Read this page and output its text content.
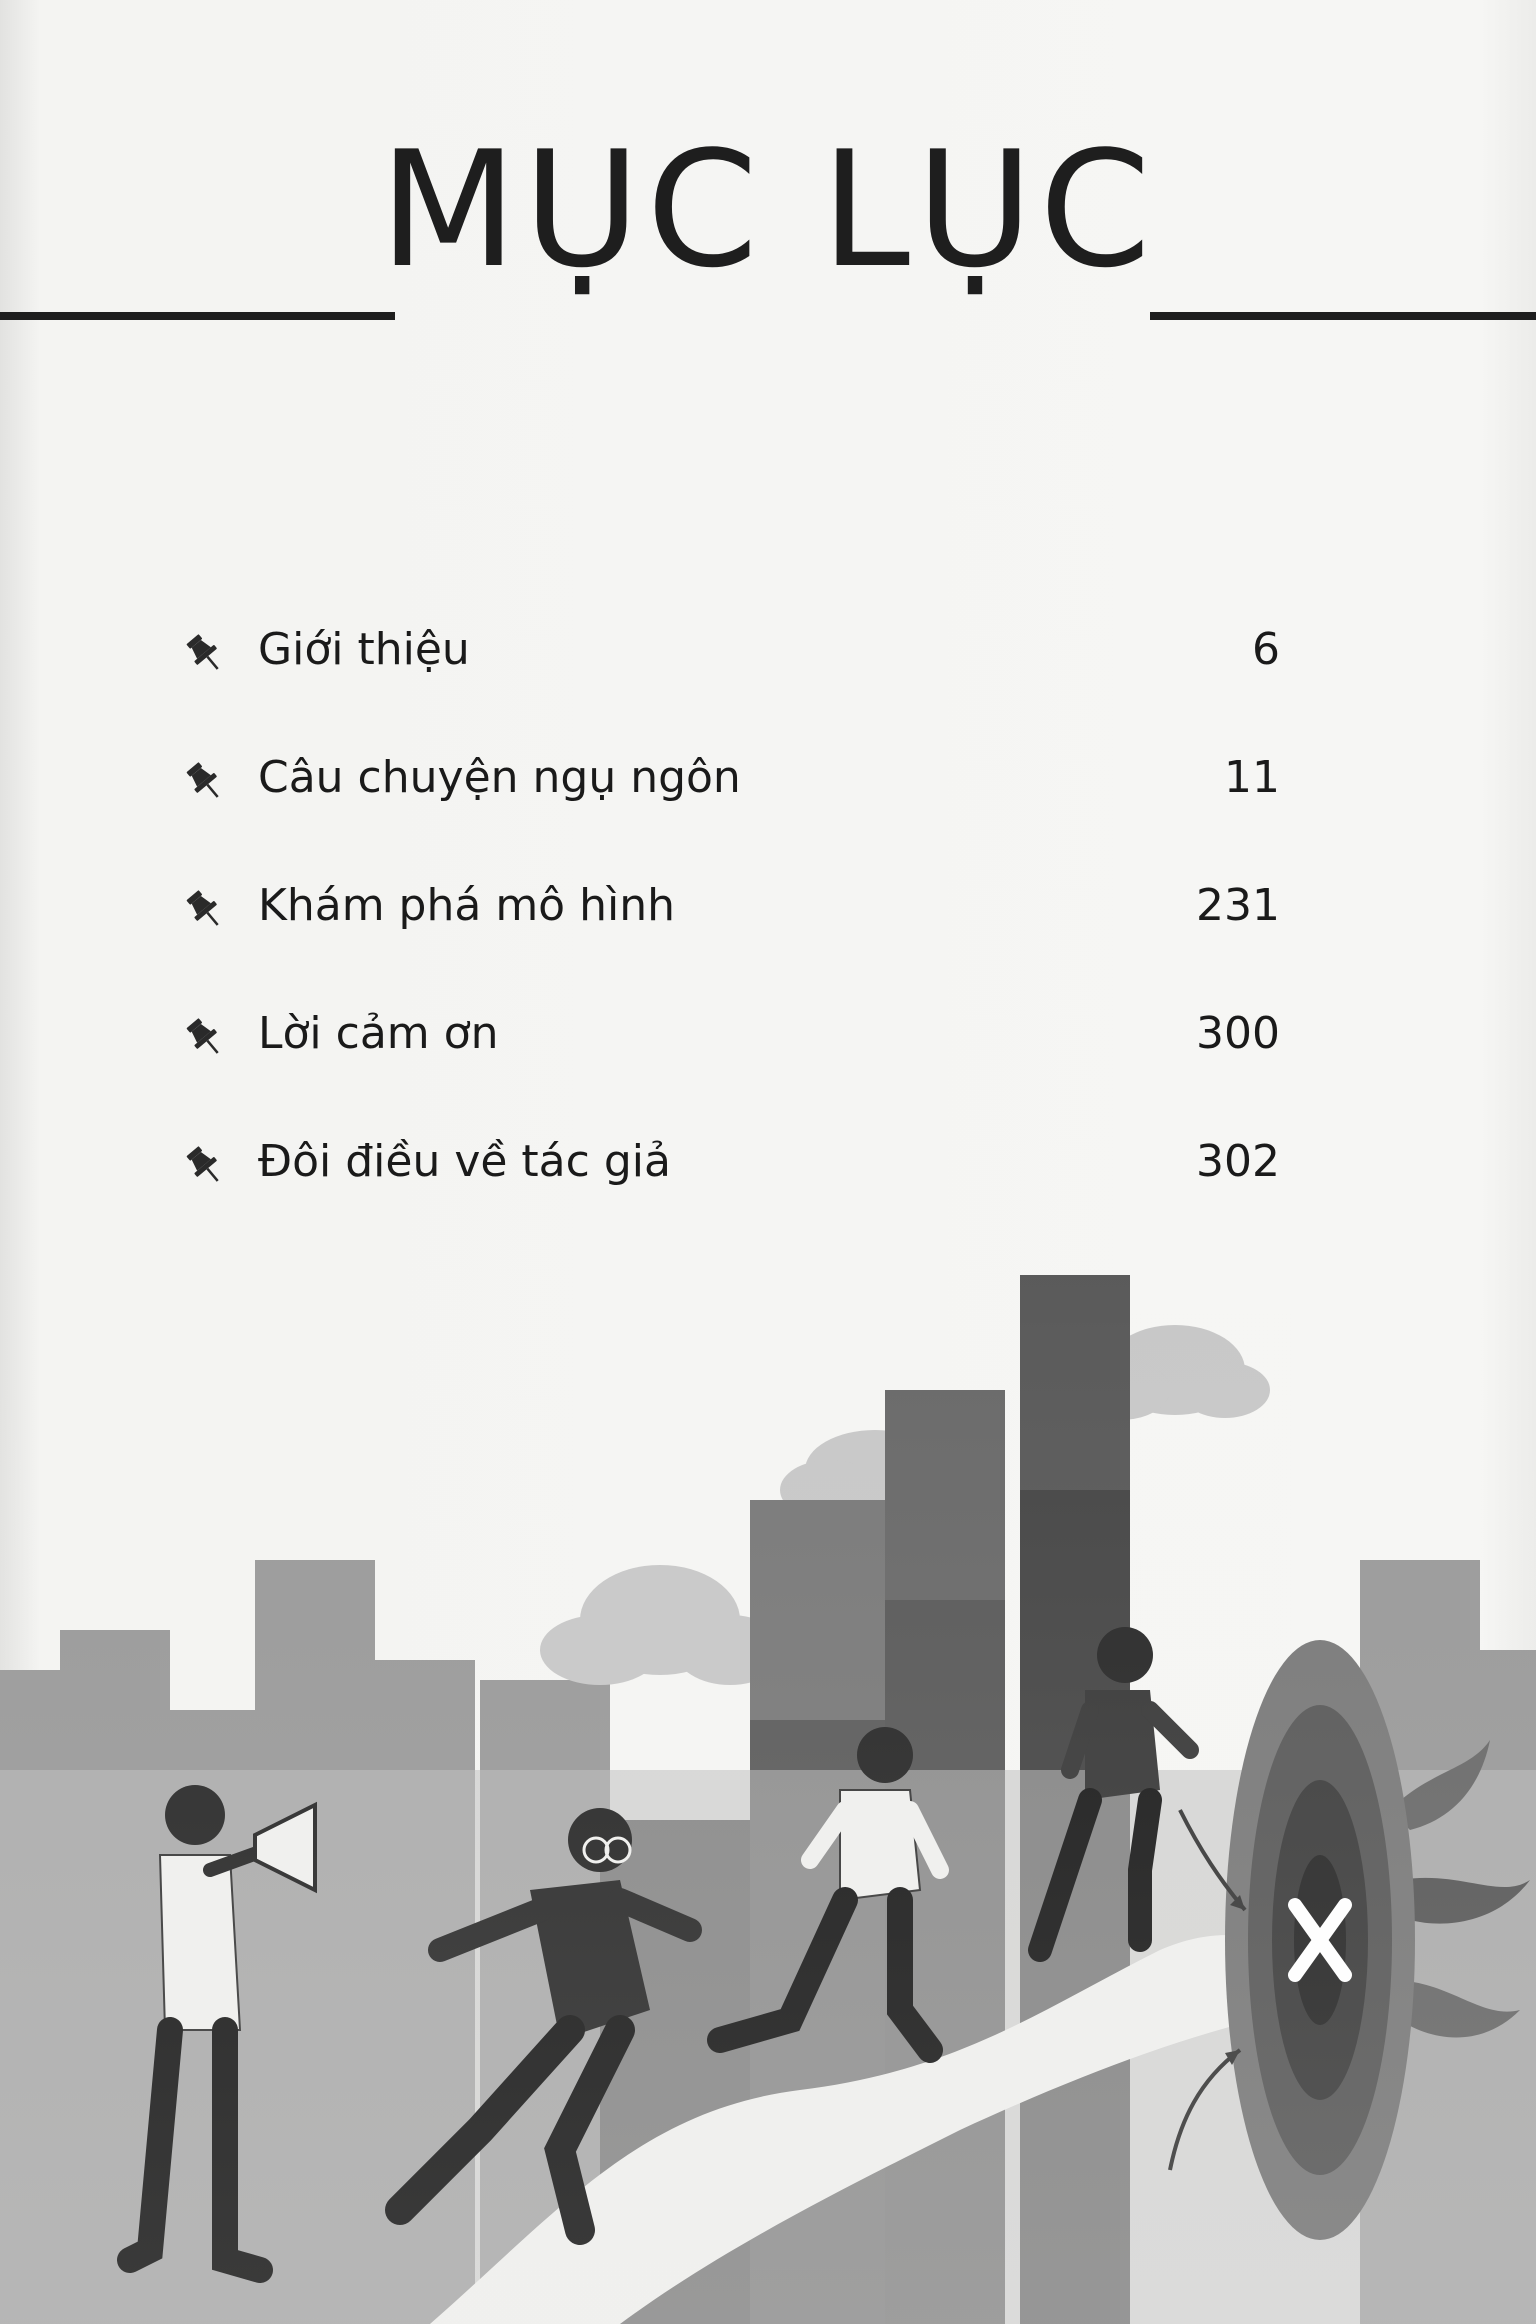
MỤC LỤC
Giới thiệu	6
Câu chuyện ngụ ngôn	11
Khám phá mô hình	231
Lời cảm ơn	300
Đôi điều về tác giả	302
